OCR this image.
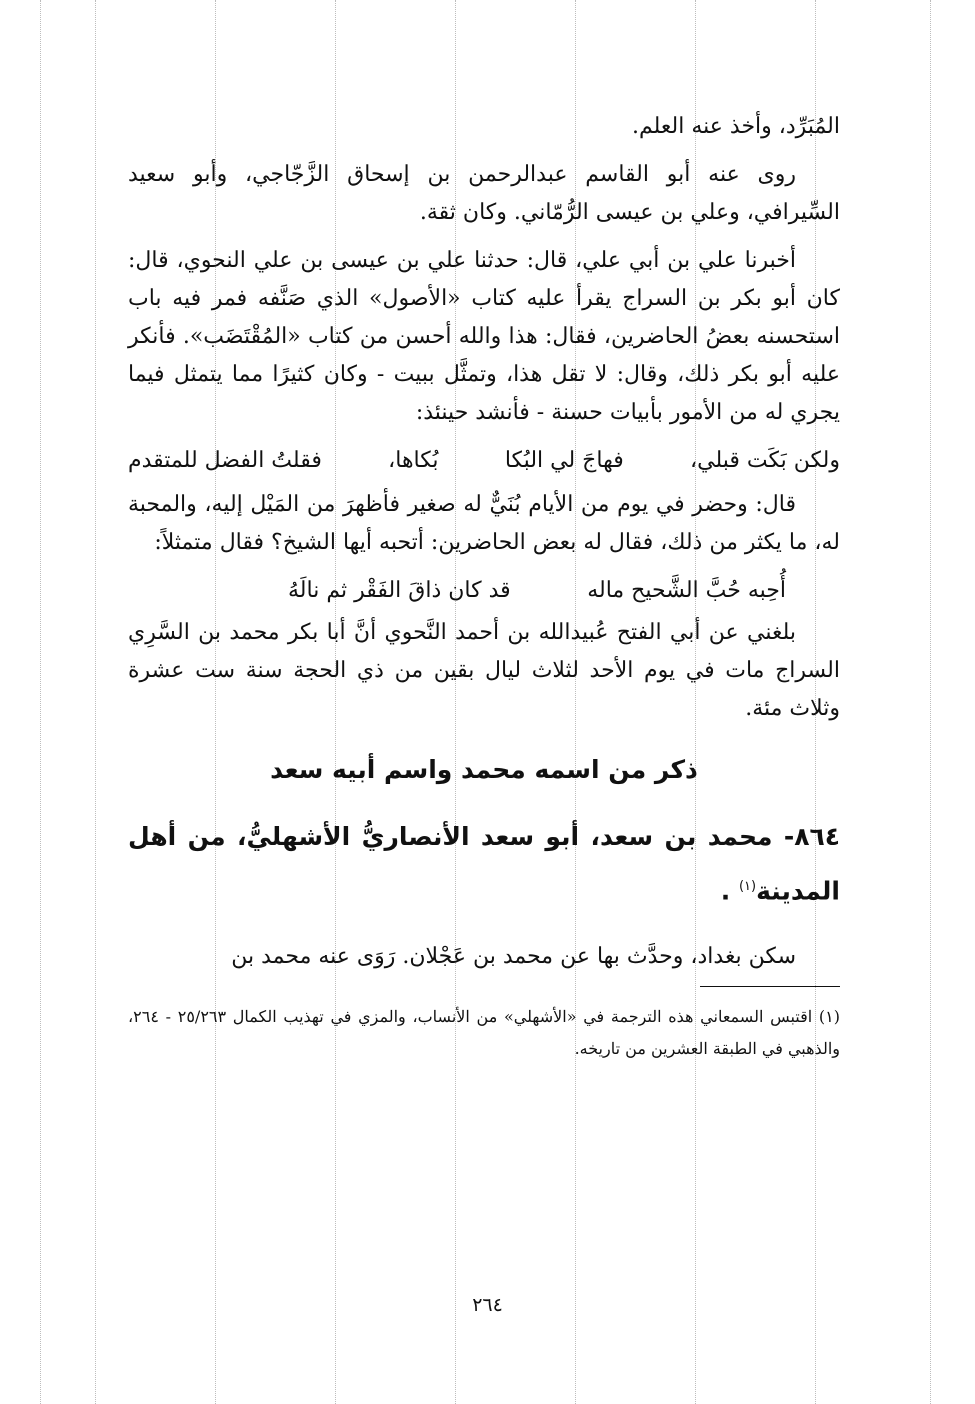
المُبَرِّد، وأخذ عنه العلم.

روى عنه أبو القاسم عبدالرحمن بن إسحاق الزَّجّاجي، وأبو سعيد السِّيرافي، وعلي بن عيسى الرُّمّاني. وكان ثقة.

أخبرنا علي بن أبي علي، قال: حدثنا علي بن عيسى بن علي النحوي، قال: كان أبو بكر بن السراج يقرأ عليه كتاب «الأصول» الذي صَنَّفه فمر فيه باب استحسنه بعضُ الحاضرين، فقال: هذا والله أحسن من كتاب «المُقْتَضَب». فأنكر عليه أبو بكر ذلك، وقال: لا تقل هذا، وتمثَّل ببيت - وكان كثيرًا مما يتمثل فيما يجري له من الأمور بأبيات حسنة - فأنشد حينئذ:

ولكن بَكَت قبلي،
فهاجَ لي البُكا
بُكاها،
فقلتُ الفضل للمتقدم

قال: وحضر في يوم من الأيام بُنَيٌّ له صغير فأظهرَ من المَيْل إليه، والمحبة له، ما يكثر من ذلك، فقال له بعض الحاضرين: أتحبه أيها الشيخ؟ فقال متمثلاً:

أُحِبه حُبَّ الشَّحيح ماله
قد كان ذاقَ الفَقْر ثم نالَهُ

بلغني عن أبي الفتح عُبيدالله بن أحمد النَّحوي أنَّ أبا بكر محمد بن السَّرِي السراج مات في يوم الأحد لثلاث ليال بقين من ذي الحجة سنة ست عشرة وثلاث مئة.

ذكر من اسمه محمد واسم أبيه سعد
٨٦٤- محمد بن سعد، أبو سعد الأنصاريُّ الأشهليُّ، من أهل المدينة$^{(١)}$ .

سكن بغداد، وحدَّث بها عن محمد بن عَجْلان. رَوَى عنه محمد بن

(١) اقتبس السمعاني هذه الترجمة في «الأشهلي» من الأنساب، والمزي في تهذيب الكمال ٢٥/٢٦٣ - ٢٦٤، والذهبي في الطبقة العشرين من تاريخه.

٢٦٤
